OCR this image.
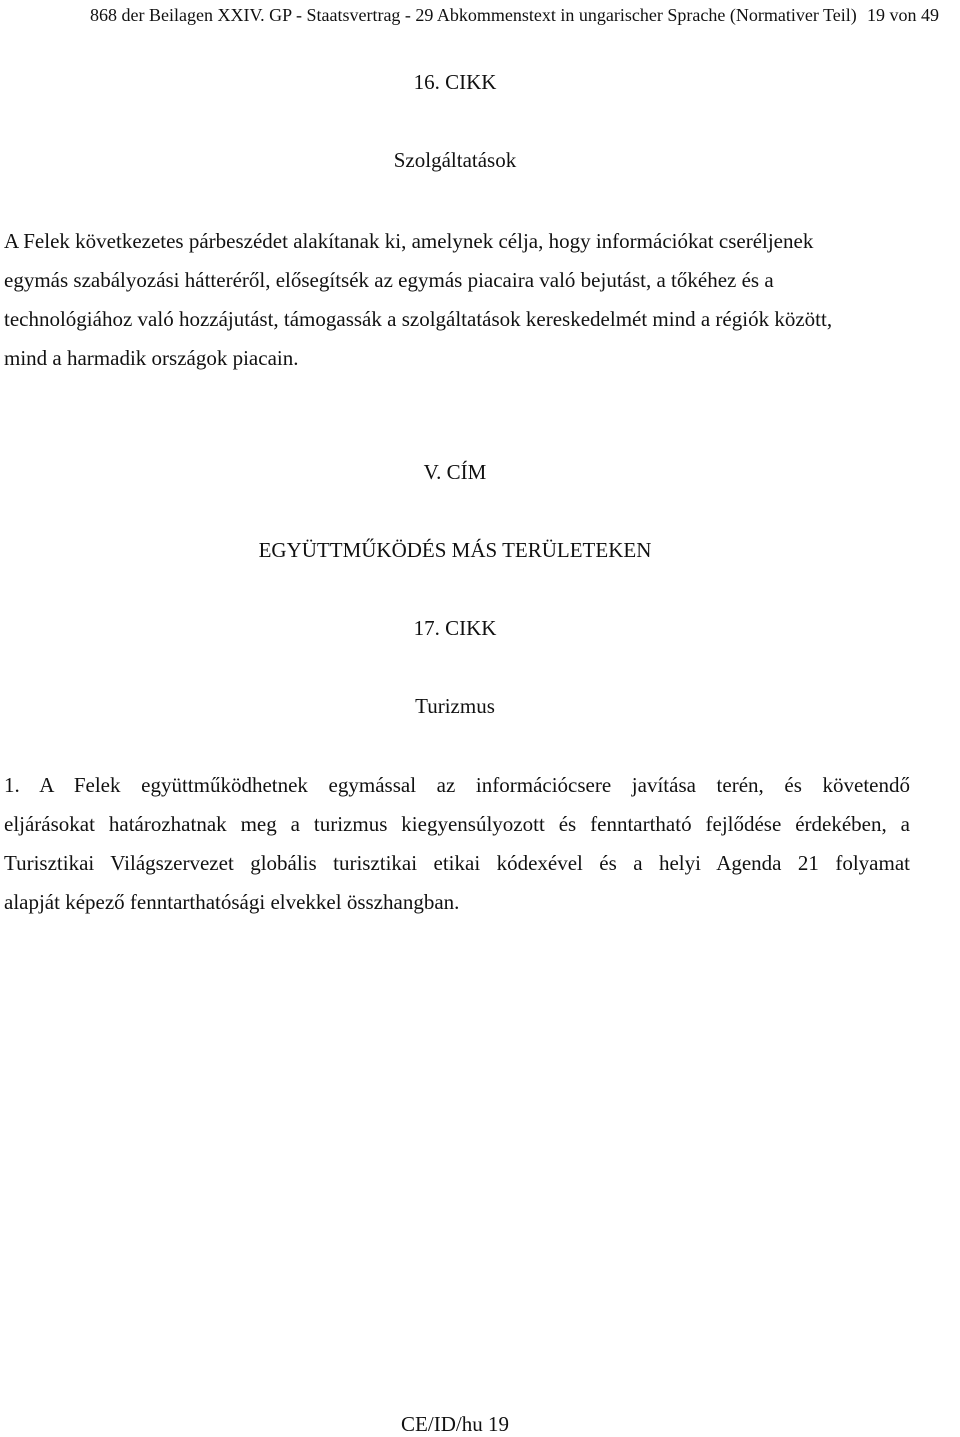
868 der Beilagen XXIV. GP - Staatsvertrag - 29 Abkommenstext in ungarischer Sprache (Normativer Teil) 19 von 49
16. CIKK
Szolgáltatások
A Felek következetes párbeszédet alakítanak ki, amelynek célja, hogy információkat cseréljenek
egymás szabályozási hátteréről, elősegítsék az egymás piacaira való bejutást, a tőkéhez és a
technológiához való hozzájutást, támogassák a szolgáltatások kereskedelmét mind a régiók között,
mind a harmadik országok piacain.
V. CÍM
EGYÜTTMŰKÖDÉS MÁS TERÜLETEKEN
17. CIKK
Turizmus
1. A Felek együttműködhetnek egymással az információcsere javítása terén, és követendő
eljárásokat határozhatnak meg a turizmus kiegyensúlyozott és fenntartható fejlődése érdekében, a
Turisztikai Világszervezet globális turisztikai etikai kódexével és a helyi Agenda 21 folyamat
alapját képező fenntarthatósági elvekkel összhangban.
CE/ID/hu 19
